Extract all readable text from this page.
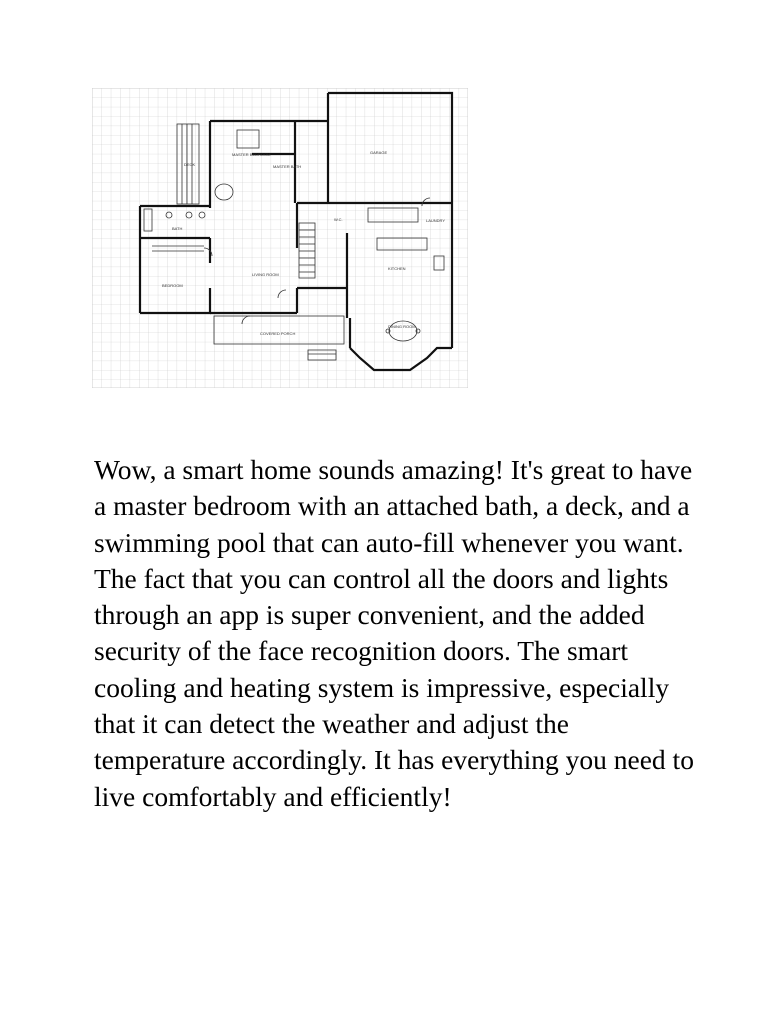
DECK
MASTER BEDROOM
MASTER BATH
GARAGE
BATH
BEDROOM
LIVING ROOM
KITCHEN
LAUNDRY
DINING ROOM
COVERED PORCH
W.C.

Wow, a smart home sounds amazing! It's great to have a master bedroom with an attached bath, a deck, and a swimming pool that can auto-fill whenever you want. The fact that you can control all the doors and lights through an app is super convenient, and the added security of the face recognition doors. The smart cooling and heating system is impressive, especially that it can detect the weather and adjust the temperature accordingly. It has everything you need to live comfortably and efficiently!
